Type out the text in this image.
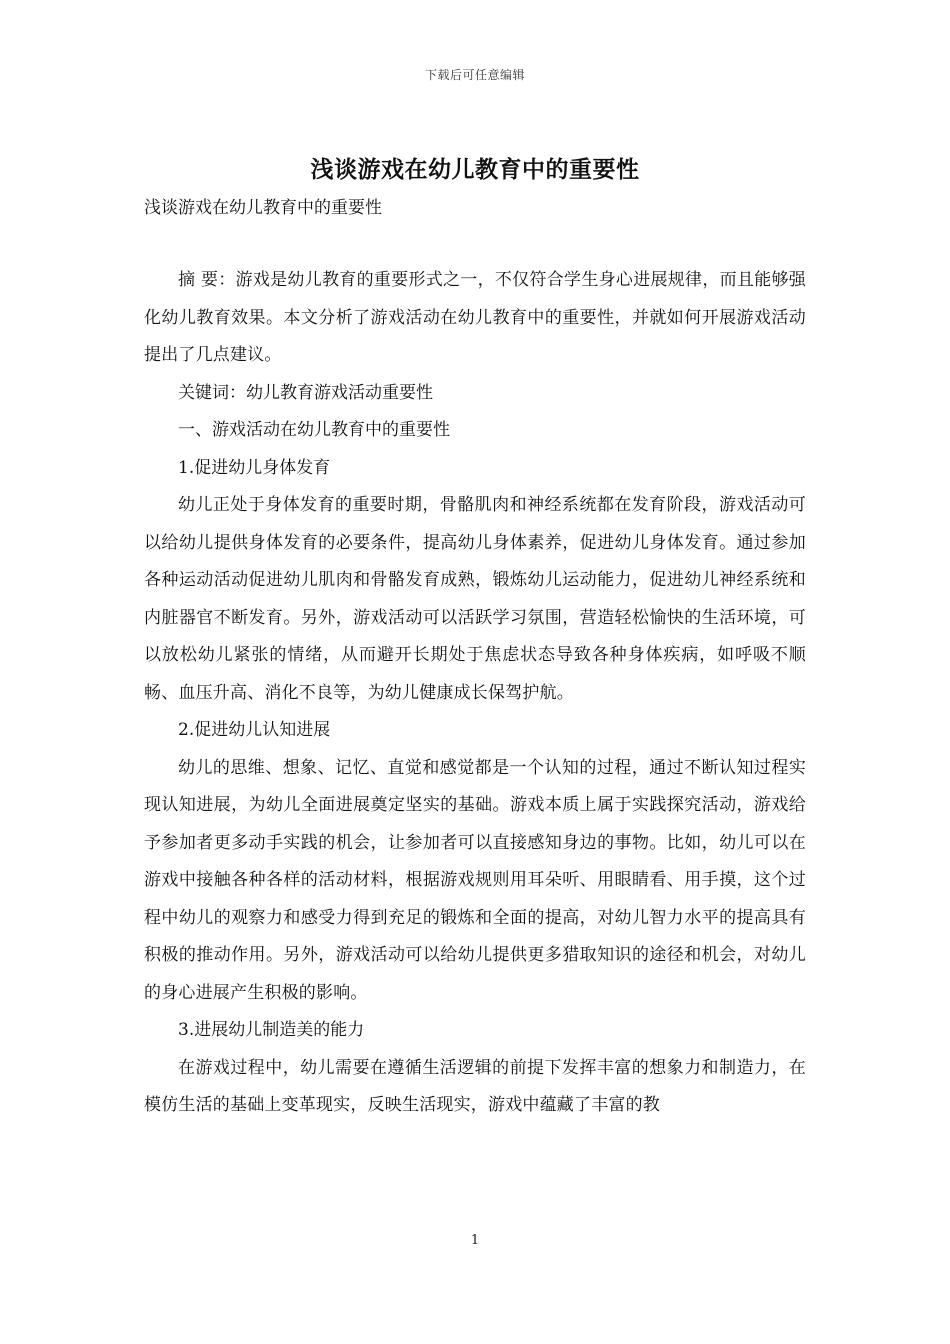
下载后可任意编辑
浅谈游戏在幼儿教育中的重要性

浅谈游戏在幼儿教育中的重要性

摘 要：游戏是幼儿教育的重要形式之一，不仅符合学生身心进展规律，而且能够强化幼儿教育效果。本文分析了游戏活动在幼儿教育中的重要性，并就如何开展游戏活动提出了几点建议。

关键词：幼儿教育游戏活动重要性

一、游戏活动在幼儿教育中的重要性

1.促进幼儿身体发育

幼儿正处于身体发育的重要时期，骨骼肌肉和神经系统都在发育阶段，游戏活动可以给幼儿提供身体发育的必要条件，提高幼儿身体素养，促进幼儿身体发育。通过参加各种运动活动促进幼儿肌肉和骨骼发育成熟，锻炼幼儿运动能力，促进幼儿神经系统和内脏器官不断发育。另外，游戏活动可以活跃学习氛围，营造轻松愉快的生活环境，可以放松幼儿紧张的情绪，从而避开长期处于焦虑状态导致各种身体疾病，如呼吸不顺畅、血压升高、消化不良等，为幼儿健康成长保驾护航。

2.促进幼儿认知进展

幼儿的思维、想象、记忆、直觉和感觉都是一个认知的过程，通过不断认知过程实现认知进展，为幼儿全面进展奠定坚实的基础。游戏本质上属于实践探究活动，游戏给予参加者更多动手实践的机会，让参加者可以直接感知身边的事物。比如，幼儿可以在游戏中接触各种各样的活动材料，根据游戏规则用耳朵听、用眼睛看、用手摸，这个过程中幼儿的观察力和感受力得到充足的锻炼和全面的提高，对幼儿智力水平的提高具有积极的推动作用。另外，游戏活动可以给幼儿提供更多猎取知识的途径和机会，对幼儿的身心进展产生积极的影响。

3.进展幼儿制造美的能力

在游戏过程中，幼儿需要在遵循生活逻辑的前提下发挥丰富的想象力和制造力，在模仿生活的基础上变革现实，反映生活现实，游戏中蕴藏了丰富的教

1
